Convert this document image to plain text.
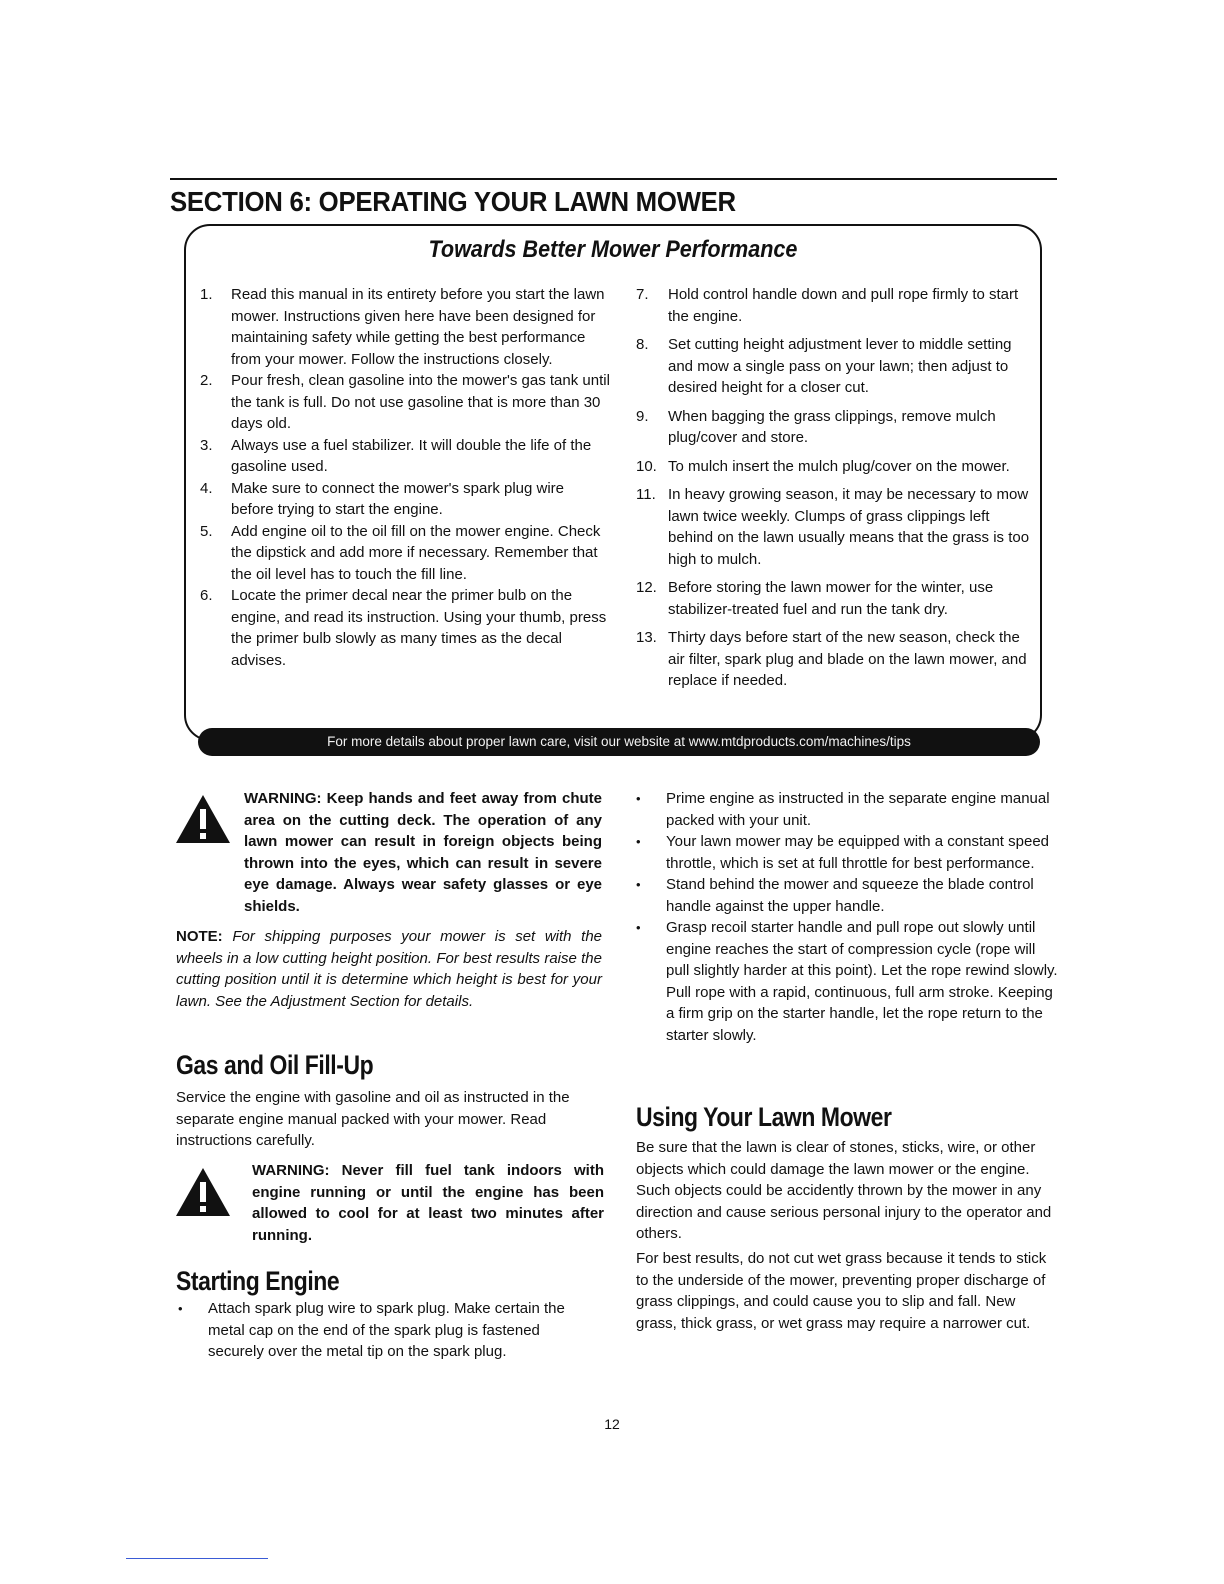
SECTION 6: OPERATING YOUR LAWN MOWER
Towards Better Mower Performance
1. Read this manual in its entirety before you start the lawn mower. Instructions given here have been designed for maintaining safety while getting the best performance from your mower. Follow the instructions closely.
2. Pour fresh, clean gasoline into the mower's gas tank until the tank is full. Do not use gasoline that is more than 30 days old.
3. Always use a fuel stabilizer. It will double the life of the gasoline used.
4. Make sure to connect the mower's spark plug wire before trying to start the engine.
5. Add engine oil to the oil fill on the mower engine. Check the dipstick and add more if necessary. Remember that the oil level has to touch the fill line.
6. Locate the primer decal near the primer bulb on the engine, and read its instruction. Using your thumb, press the primer bulb slowly as many times as the decal advises.
7. Hold control handle down and pull rope firmly to start the engine.
8. Set cutting height adjustment lever to middle setting and mow a single pass on your lawn; then adjust to desired height for a closer cut.
9. When bagging the grass clippings, remove mulch plug/cover and store.
10. To mulch insert the mulch plug/cover on the mower.
11. In heavy growing season, it may be necessary to mow lawn twice weekly. Clumps of grass clippings left behind on the lawn usually means that the grass is too high to mulch.
12. Before storing the lawn mower for the winter, use stabilizer-treated fuel and run the tank dry.
13. Thirty days before start of the new season, check the air filter, spark plug and blade on the lawn mower, and replace if needed.
For more details about proper lawn care, visit our website at www.mtdproducts.com/machines/tips
WARNING: Keep hands and feet away from chute area on the cutting deck. The operation of any lawn mower can result in foreign objects being thrown into the eyes, which can result in severe eye damage. Always wear safety glasses or eye shields.
NOTE: For shipping purposes your mower is set with the wheels in a low cutting height position. For best results raise the cutting position until it is determine which height is best for your lawn. See the Adjustment Section for details.
Gas and Oil Fill-Up

Service the engine with gasoline and oil as instructed in the separate engine manual packed with your mower. Read instructions carefully.

WARNING: Never fill fuel tank indoors with engine running or until the engine has been allowed to cool for at least two minutes after running.
Starting Engine
• Attach spark plug wire to spark plug. Make certain the metal cap on the end of the spark plug is fastened securely over the metal tip on the spark plug.
• Prime engine as instructed in the separate engine manual packed with your unit.
• Your lawn mower may be equipped with a constant speed throttle, which is set at full throttle for best performance.
• Stand behind the mower and squeeze the blade control handle against the upper handle.
• Grasp recoil starter handle and pull rope out slowly until engine reaches the start of compression cycle (rope will pull slightly harder at this point). Let the rope rewind slowly. Pull rope with a rapid, continuous, full arm stroke. Keeping a firm grip on the starter handle, let the rope return to the starter slowly.
Using Your Lawn Mower

Be sure that the lawn is clear of stones, sticks, wire, or other objects which could damage the lawn mower or the engine. Such objects could be accidently thrown by the mower in any direction and cause serious personal injury to the operator and others.

For best results, do not cut wet grass because it tends to stick to the underside of the mower, preventing proper discharge of grass clippings, and could cause you to slip and fall. New grass, thick grass, or wet grass may require a narrower cut.

12
